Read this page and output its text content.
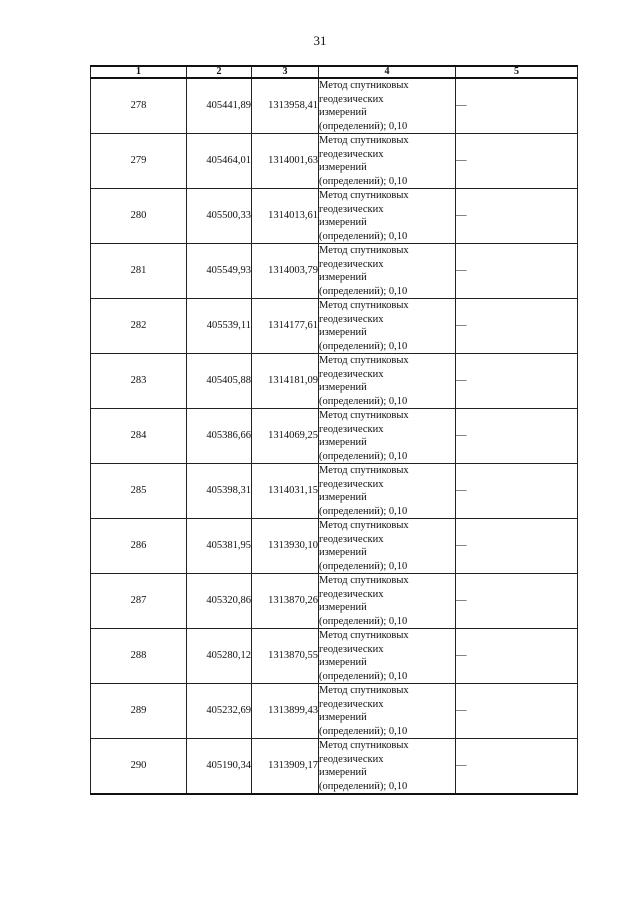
31
1	2	3	4	5
278	405441,89	1313958,41	Метод спутниковых
геодезических
измерений
(определений); 0,10	—
279	405464,01	1314001,63	Метод спутниковых
геодезических
измерений
(определений); 0,10	—
280	405500,33	1314013,61	Метод спутниковых
геодезических
измерений
(определений); 0,10	—
281	405549,93	1314003,79	Метод спутниковых
геодезических
измерений
(определений); 0,10	—
282	405539,11	1314177,61	Метод спутниковых
геодезических
измерений
(определений); 0,10	—
283	405405,88	1314181,09	Метод спутниковых
геодезических
измерений
(определений); 0,10	—
284	405386,66	1314069,25	Метод спутниковых
геодезических
измерений
(определений); 0,10	—
285	405398,31	1314031,15	Метод спутниковых
геодезических
измерений
(определений); 0,10	—
286	405381,95	1313930,10	Метод спутниковых
геодезических
измерений
(определений); 0,10	—
287	405320,86	1313870,26	Метод спутниковых
геодезических
измерений
(определений); 0,10	—
288	405280,12	1313870,55	Метод спутниковых
геодезических
измерений
(определений); 0,10	—
289	405232,69	1313899,43	Метод спутниковых
геодезических
измерений
(определений); 0,10	—
290	405190,34	1313909,17	Метод спутниковых
геодезических
измерений
(определений); 0,10	—
